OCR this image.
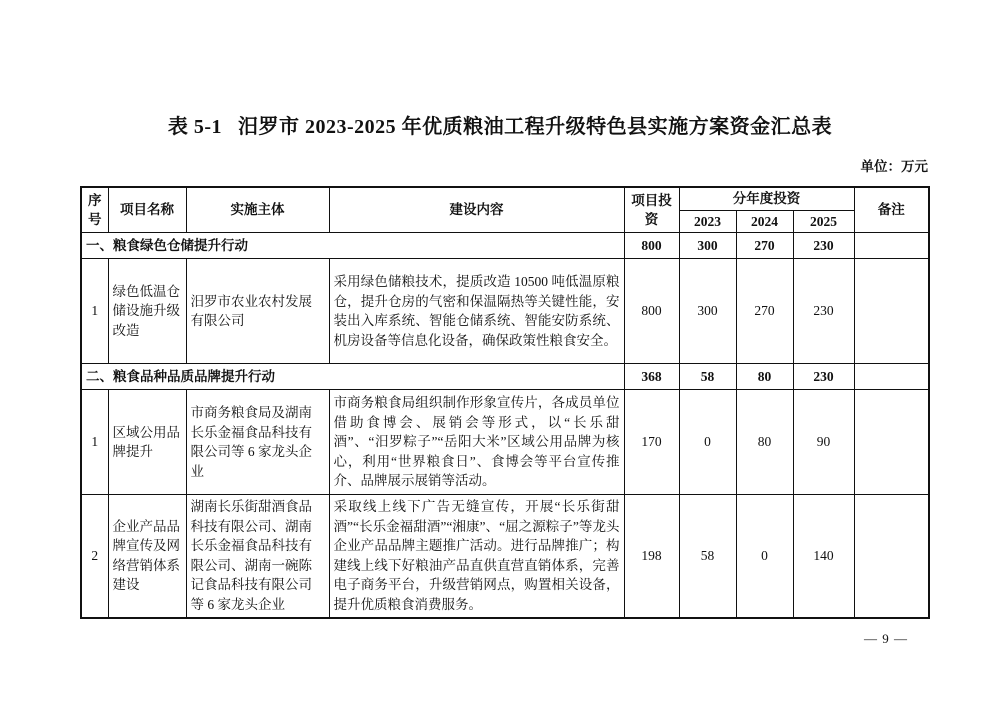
表 5-1 汨罗市 2023-2025 年优质粮油工程升级特色县实施方案资金汇总表
单位：万元
序号	项目名称	实施主体	建设内容	项目投资	分年度投资			备注
					2023	2024	2025	
一、粮食绿色仓储提升行动				800	300	270	230	
1	绿色低温仓储设施升级改造	汨罗市农业农村发展有限公司	采用绿色储粮技术，提质改造 10500 吨低温原粮仓，提升仓房的气密和保温隔热等关键性能，安装出入库系统、智能仓储系统、智能安防系统、机房设备等信息化设备，确保政策性粮食安全。	800	300	270	230	
二、粮食品种品质品牌提升行动				368	58	80	230	
1	区域公用品牌提升	市商务粮食局及湖南长乐金福食品科技有限公司等 6 家龙头企业	市商务粮食局组织制作形象宣传片，各成员单位借助食博会、展销会等形式，以“长乐甜酒”、“汨罗粽子”“岳阳大米”区域公用品牌为核心，利用“世界粮食日”、食博会等平台宣传推介、品牌展示展销等活动。	170	0	80	90	
2	企业产品品牌宣传及网络营销体系建设	湖南长乐街甜酒食品科技有限公司、湖南长乐金福食品科技有限公司、湖南一碗陈记食品科技有限公司等 6 家龙头企业	采取线上线下广告无缝宣传，开展“长乐街甜酒”“长乐金福甜酒”“湘康”、“屈之源粽子”等龙头企业产品品牌主题推广活动。进行品牌推广；构建线上线下好粮油产品直供直营直销体系，完善电子商务平台，升级营销网点，购置相关设备，提升优质粮食消费服务。	198	58	0	140	
— 9 —
